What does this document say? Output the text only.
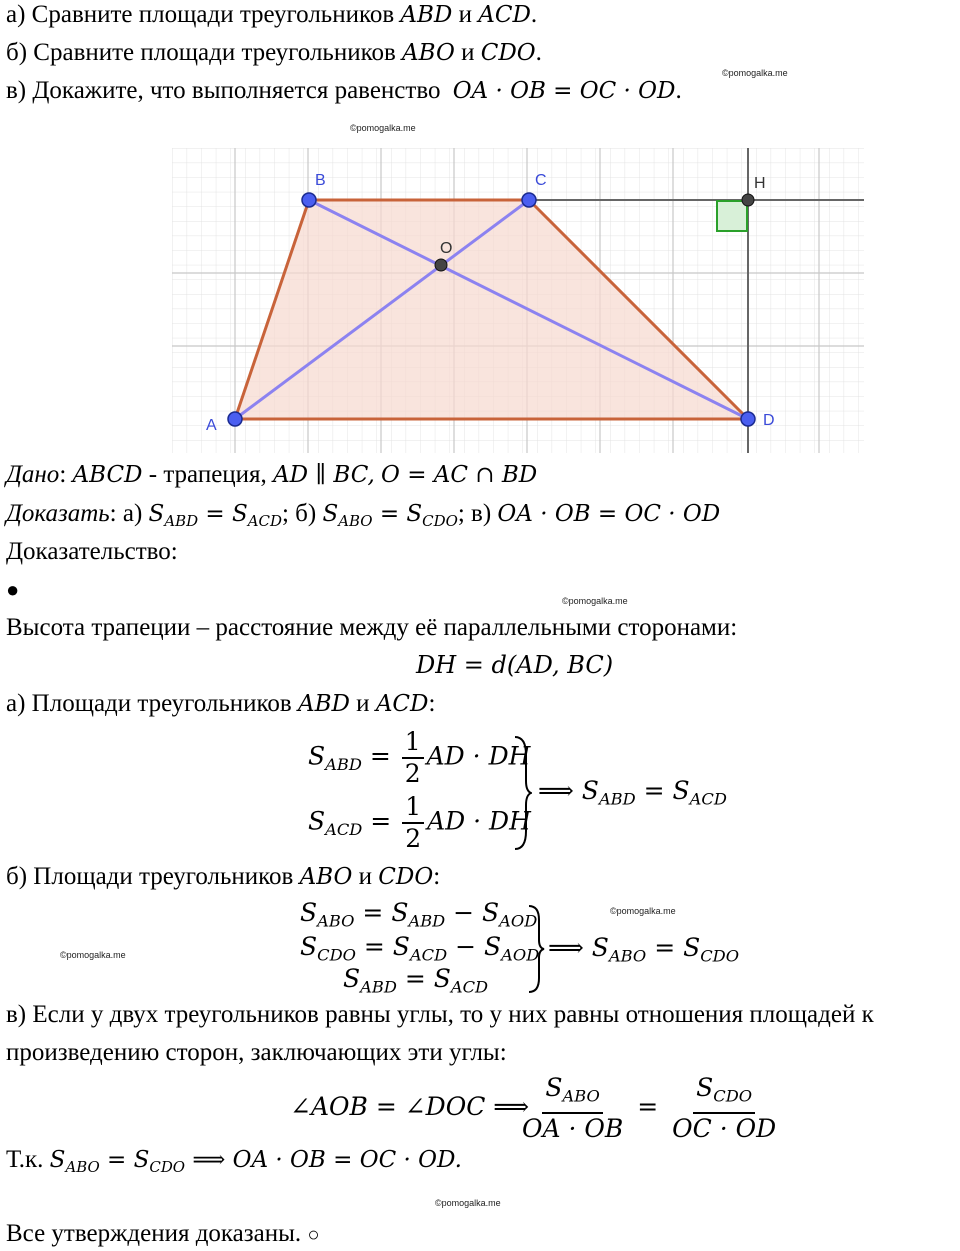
а) Сравните площади треугольников ABD и ACD.
б) Сравните площади треугольников ABO и CDO.
в) Докажите, что выполняется равенство OA · OB = OC · OD.
©pomogalka.me
©pomogalka.me
A
B	C
D
O
H
Дано: ABCD - трапеция, AD ∥ BC, O = AC ∩ BD
Доказать: а) $S_{ABD} = S_{ACD}$; б) $S_{ABO} = S_{CDO}$; в) OA · OB = OC · OD
Доказательство:
●	©pomogalka.me
Высота трапеции – расстояние между её параллельными сторонами:
DH = d(AD, BC)
а) Площади треугольников ABD и ACD:
$S_{ABD} = \frac{1}{2}$ AD · DH
$S_{ACD} = \frac{1}{2}$ AD · DH
⟹ $S_{ABD} = S_{ACD}$
б) Площади треугольников ABO и CDO:
$S_{ABO} = S_{ABD} - S_{AOD}$
$S_{CDO} = S_{ACD} - S_{AOD}$
$S_{ABD} = S_{ACD}$
⟹ $S_{ABO} = S_{CDO}$
©pomogalka.me
©pomogalka.me
в) Если у двух треугольников равны углы, то у них равны отношения площадей к
произведению сторон, заключающих эти углы:
∠AOB = ∠DOC ⟹
$\frac{S_{ABO}}{OA \cdot OB} = \frac{S_{CDO}}{OC \cdot OD}$
Т.к. $S_{ABO} = S_{CDO}$ ⟹ OA · OB = OC · OD.
©pomogalka.me
Все утверждения доказаны. ○
